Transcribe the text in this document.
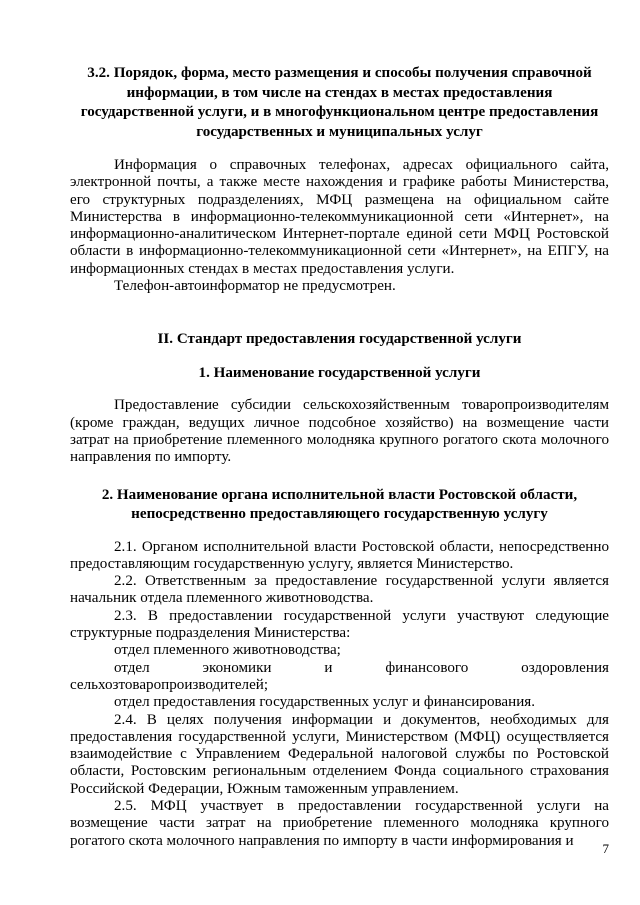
3.2. Порядок, форма, место размещения и способы получения справочной информации, в том числе на стендах в местах предоставления государственной услуги, и в многофункциональном центре предоставления государственных и муниципальных услуг

Информация о справочных телефонах, адресах официального сайта, электронной почты, а также месте нахождения и графике работы Министерства, его структурных подразделениях, МФЦ размещена на официальном сайте Министерства в информационно-телекоммуникационной сети «Интернет», на информационно-аналитическом Интернет-портале единой сети МФЦ Ростовской области в информационно-телекоммуникационной сети «Интернет», на ЕПГУ, на информационных стендах в местах предоставления услуги.

Телефон-автоинформатор не предусмотрен.

II. Стандарт предоставления государственной услуги
1. Наименование государственной услуги

Предоставление субсидии сельскохозяйственным товаропроизводителям (кроме граждан, ведущих личное подсобное хозяйство) на возмещение части затрат на приобретение племенного молодняка крупного рогатого скота молочного направления по импорту.

2. Наименование органа исполнительной власти Ростовской области, непосредственно предоставляющего государственную услугу

2.1. Органом исполнительной власти Ростовской области, непосредственно предоставляющим государственную услугу, является Министерство.

2.2. Ответственным за предоставление государственной услуги является начальник отдела племенного животноводства.

2.3. В предоставлении государственной услуги участвуют следующие структурные подразделения Министерства:

отдел племенного животноводства;

отдел	экономики	и	финансового	оздоровления

сельхозтоваропроизводителей;

отдел предоставления государственных услуг и финансирования.

2.4. В целях получения информации и документов, необходимых для предоставления государственной услуги, Министерством (МФЦ) осуществляется взаимодействие с Управлением Федеральной налоговой службы по Ростовской области, Ростовским региональным отделением Фонда социального страхования Российской Федерации, Южным таможенным управлением.

2.5. МФЦ участвует в предоставлении государственной услуги на возмещение части затрат на приобретение племенного молодняка крупного рогатого скота молочного направления по импорту в части информирования и	7
